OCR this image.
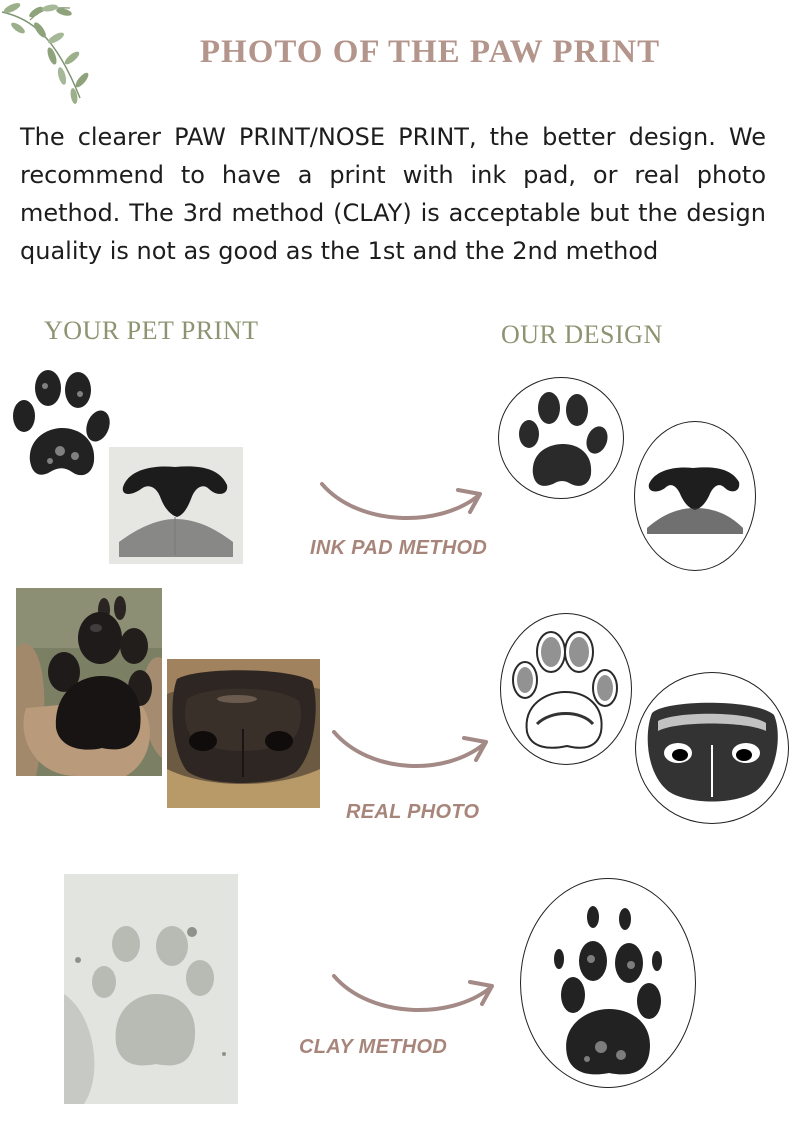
PHOTO OF THE PAW PRINT
The clearer PAW PRINT/NOSE PRINT, the better design. We recommend to have a print with ink pad, or real photo method. The 3rd method (CLAY) is acceptable but the design quality is not as good as the 1st and the 2nd method
YOUR PET PRINT	OUR DESIGN
INK PAD METHOD
REAL PHOTO
CLAY METHOD
